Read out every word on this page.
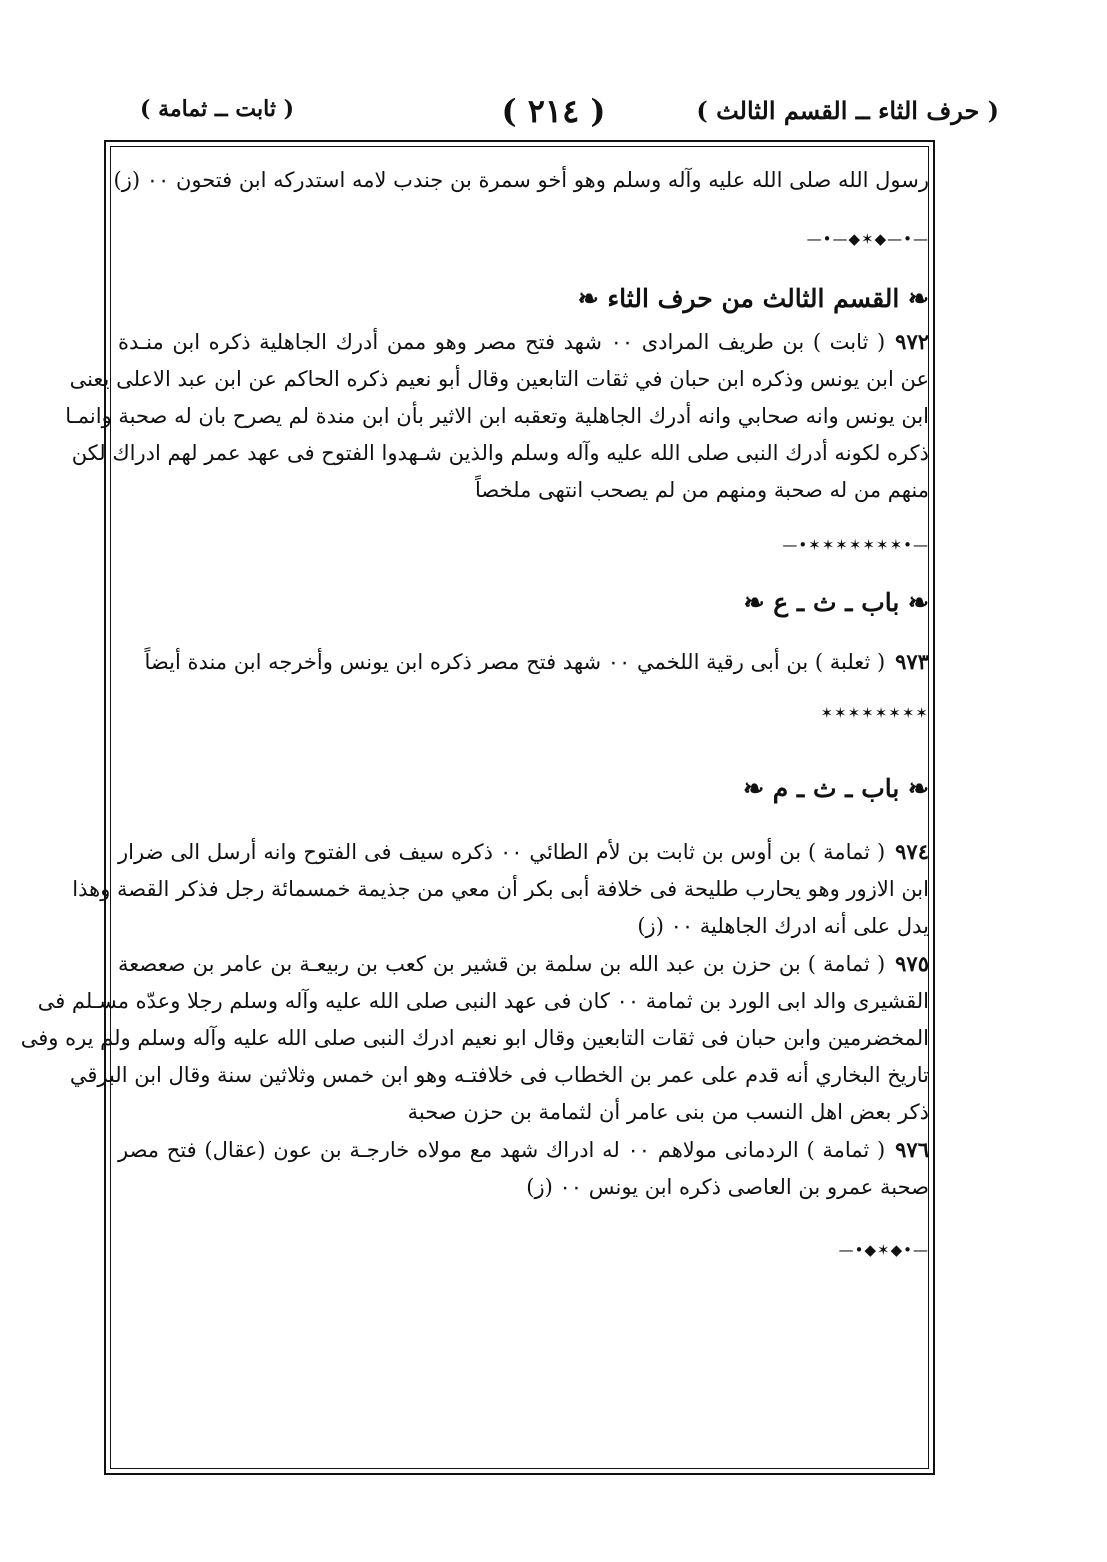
( حرف الثاء ــ القسم الثالث )
( ٢١٤ )
( ثابت ــ ثمامة )
رسول الله صلى الله عليه وآله وسلم وهو أخو سمرة بن جندب لامه استدركه ابن فتحون ٠٠ (ز)
—•—◆✶◆—•—
❧ القسم الثالث من حرف الثاء ❧
٩٧٢( ثابت ) بن طريف المرادى ٠٠ شهد فتح مصر وهو ممن أدرك الجاهلية ذكره ابن منـدة
عن ابن يونس وذكره ابن حبان في ثقات التابعين وقال أبو نعيم ذكره الحاكم عن ابن عبد الاعلى يعنى
ابن يونس وانه صحابي وانه أدرك الجاهلية وتعقبه ابن الاثير بأن ابن مندة لم يصرح بان له صحبة وانمـا
ذكره لكونه أدرك النبى صلى الله عليه وآله وسلم والذين شـهدوا الفتوح فى عهد عمر لهم ادراك لكن
منهم من له صحبة ومنهم من لم يصحب انتهى ملخصاً
—•✶✶✶✶✶✶✶•—
❧ باب ـ ث ـ ع ❧
٩٧٣( ثعلبة ) بن أبى رقية اللخمي ٠٠ شهد فتح مصر ذكره ابن يونس وأخرجه ابن مندة أيضاً
✶✶✶✶✶✶✶✶
❧ باب ـ ث ـ م ❧
٩٧٤( ثمامة ) بن أوس بن ثابت بن لأم الطائي ٠٠ ذكره سيف فى الفتوح وانه أرسل الى ضرار
ابن الازور وهو يحارب طليحة فى خلافة أبى بكر أن معي من جذيمة خمسمائة رجل فذكر القصة وهذا
يدل على أنه ادرك الجاهلية ٠٠ (ز)
٩٧٥( ثمامة ) بن حزن بن عبد الله بن سلمة بن قشير بن كعب بن ربيعـة بن عامر بن صعصعة
القشيرى والد ابى الورد بن ثمامة ٠٠ كان فى عهد النبى صلى الله عليه وآله وسلم رجلا وعدّه مسـلم فى
المخضرمين وابن حبان فى ثقات التابعين وقال ابو نعيم ادرك النبى صلى الله عليه وآله وسلم ولم يره وفى
تاريخ البخاري أنه قدم على عمر بن الخطاب فى خلافتـه وهو ابن خمس وثلاثين سنة وقال ابن البرقي
ذكر بعض اهل النسب من بنى عامر أن لثمامة بن حزن صحبة
٩٧٦( ثمامة ) الردمانى مولاهم ٠٠ له ادراك شهد مع مولاه خارجـة بن عون (عقال) فتح مصر
صحبة عمرو بن العاصى ذكره ابن يونس ٠٠ (ز)
—•◆✶◆•—
